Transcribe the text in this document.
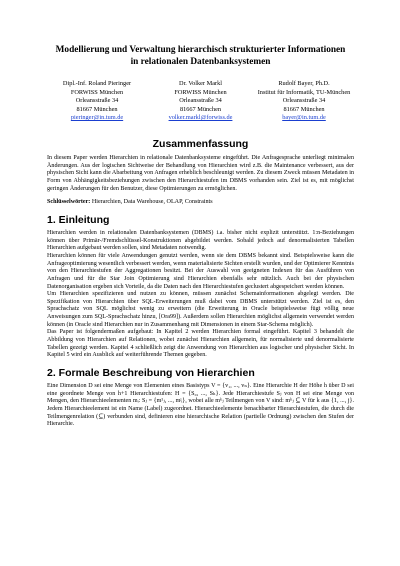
Modellierung und Verwaltung hierarchisch strukturierter Informationen

in relationalen Datenbanksystemen

Dipl.-Inf. Roland Pieringer
FORWISS München
Orleansstraße 34
81667 München
pieringer@in.tum.de
Dr. Volker Markl
FORWISS München
Orleansstraße 34
81667 München
volker.markl@forwiss.de
Rudolf Bayer, Ph.D.
Institut für Informatik, TU-München
Orleansstraße 34
81667 München
bayer@in.tum.de
Zusammenfassung

In diesem Paper werden Hierarchien in relationale Datenbanksysteme eingeführt. Die Anfragesprache unterliegt minimalen Änderungen. Aus der logischen Sichtweise der Behandlung von Hierarchien wird z.B. die Maintenance verbessert, aus der physischen Sicht kann die Abarbeitung von Anfragen erheblich beschleunigt werden. Zu diesem Zweck müssen Metadaten in Form von Abhängigkeitsbeziehungen zwischen den Hierarchiestufen im DBMS vorhanden sein. Ziel ist es, mit möglichst geringen Änderungen für den Benutzer, diese Optimierungen zu ermöglichen.

Schlüsselwörter: Hierarchien, Data Warehouse, OLAP, Constraints

1. Einleitung

Hierarchien werden in relationalen Datenbanksystemen (DBMS) i.a. bisher nicht explizit unterstützt. 1:n-Beziehungen können über Primär-/Fremdschlüssel-Konstruktionen abgebildet werden. Sobald jedoch auf denormalisierten Tabellen Hierarchien aufgebaut werden sollen, sind Metadaten notwendig.

Hierarchien können für viele Anwendungen genutzt werden, wenn sie dem DBMS bekannt sind. Beispielsweise kann die Anfrageoptimierung wesentlich verbessert werden, wenn materialisierte Sichten erstellt wurden, und der Optimierer Kenntnis von den Hierarchiestufen der Aggregationen besitzt. Bei der Auswahl von geeigneten Indexen für das Ausführen von Anfragen und für die Star Join Optimierung sind Hierarchien ebenfalls sehr nützlich. Auch bei der physischen Datenorganisation ergeben sich Vorteile, da die Daten nach den Hierarchiestufen geclustert abgespeichert werden können.

Um Hierarchien spezifizieren und nutzen zu können, müssen zunächst Schemainformationen abgelegt werden. Die Spezifikation von Hierarchien über SQL-Erweiterungen muß dabei vom DBMS unterstützt werden. Ziel ist es, den Sprachschatz von SQL möglichst wenig zu erweitern (die Erweiterung in Oracle beispielsweise fügt völlig neue Anweisungen zum SQL-Sprachschatz hinzu, [Ora99]). Außerdem sollen Hierarchien möglichst allgemein verwendet werden können (in Oracle sind Hierarchien nur in Zusammenhang mit Dimensionen in einem Star-Schema möglich).

Das Paper ist folgendermaßen aufgebaut: In Kapitel 2 werden Hierarchien formal eingeführt. Kapitel 3 behandelt die Abbildung von Hierarchien auf Relationen, wobei zunächst Hierarchien allgemein, für normalisierte und denormalisierte Tabellen gezeigt werden. Kapitel 4 schließlich zeigt die Anwendung von Hierarchien aus logischer und physischer Sicht. In Kapitel 5 wird ein Ausblick auf weiterführende Themen gegeben.

2. Formale Beschreibung von Hierarchien

Eine Dimension D sei eine Menge von Elementen eines Basistyps V = {v₁, ..., vₙ}. Eine Hierarchie H der Höhe h über D sei eine geordnete Menge von h+1 Hierarchiestufen: H = {S₀, ..., Sₕ}. Jede Hierarchiestufe Sⱼ von H sei eine Menge von Mengen, den Hierarchieelementen mᵢ: Sⱼ = {m¹ⱼ, ..., mʲᵢ}, wobei alle mᵏⱼ Teilmengen von V sind: mᵏⱼ ⊆ V für k aus {1, ..., j}. Jedem Hierarchieelement ist ein Name (Label) zugeordnet. Hierarchieelemente benachbarter Hierarchiestufen, die durch die Teilmengenrelation (⊆) verbunden sind, definieren eine hierarchische Relation (partielle Ordnung) zwischen den Stufen der Hierarchie.
